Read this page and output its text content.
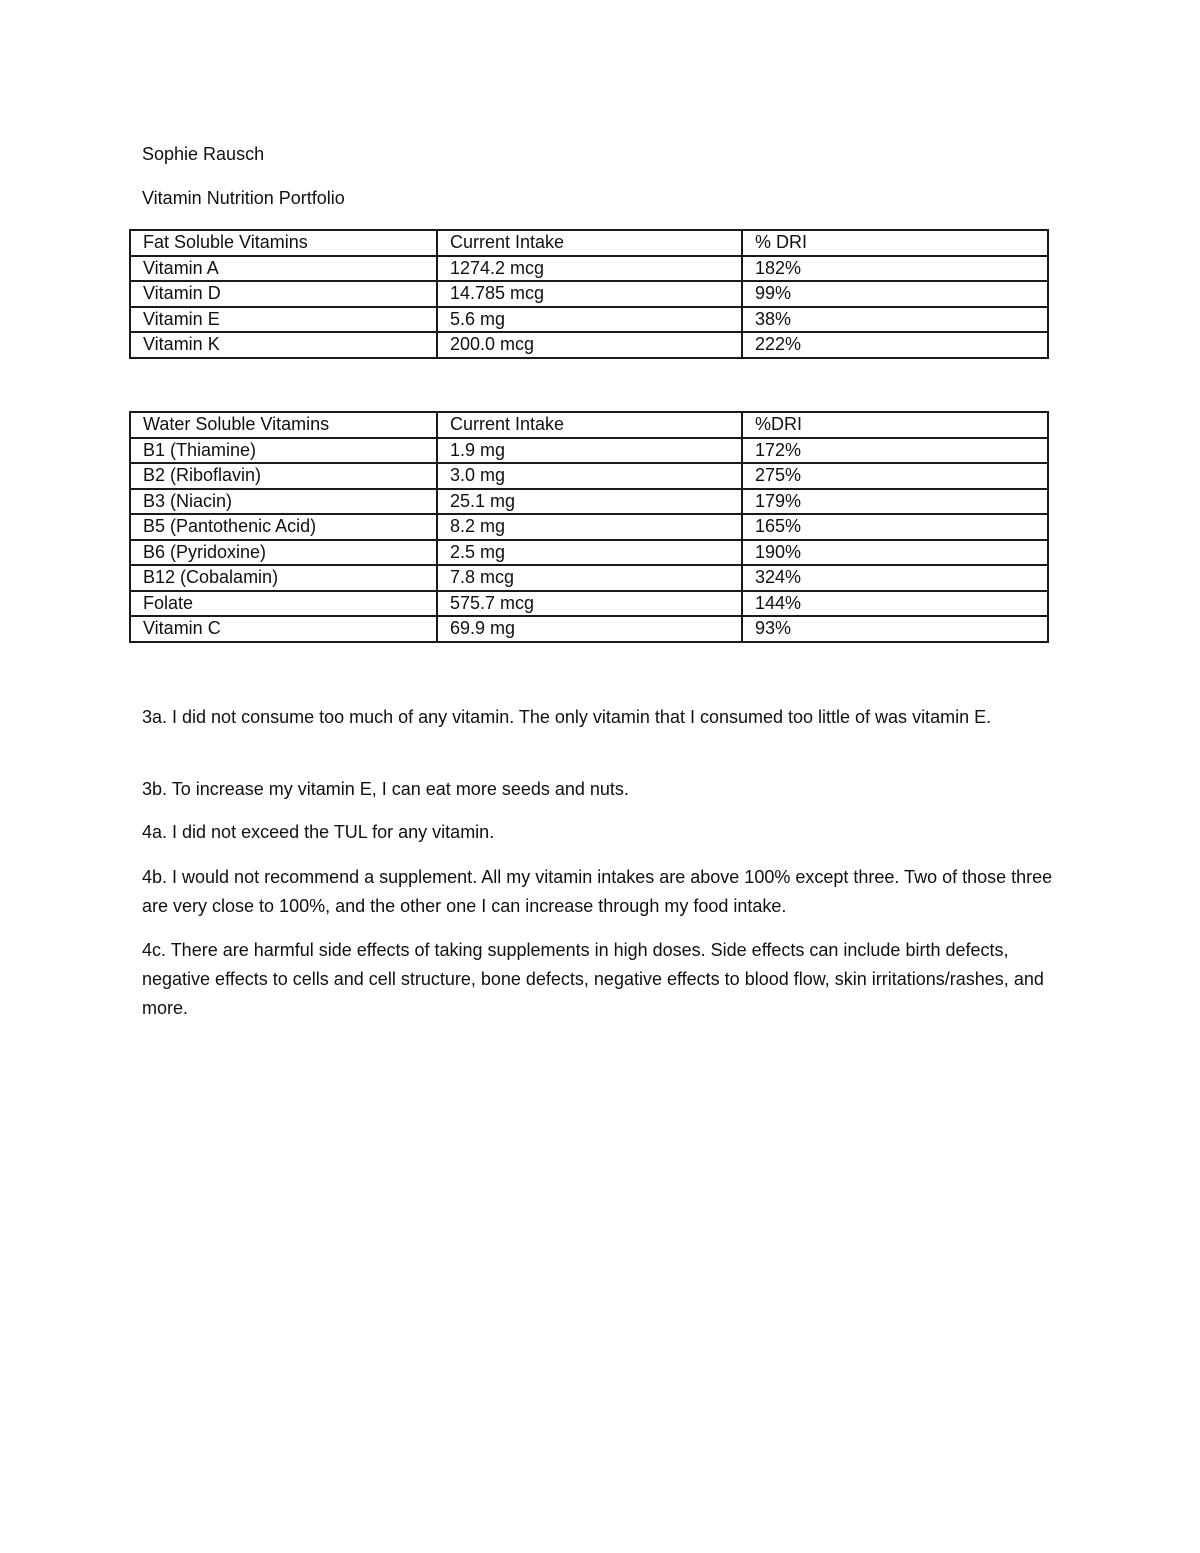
Sophie Rausch
Vitamin Nutrition Portfolio
Fat Soluble Vitamins	Current Intake	% DRI
Vitamin A	1274.2 mcg	182%
Vitamin D	14.785 mcg	99%
Vitamin E	5.6 mg	38%
Vitamin K	200.0 mcg	222%
Water Soluble Vitamins	Current Intake	%DRI
B1 (Thiamine)	1.9 mg	172%
B2 (Riboflavin)	3.0 mg	275%
B3 (Niacin)	25.1 mg	179%
B5 (Pantothenic Acid)	8.2 mg	165%
B6 (Pyridoxine)	2.5 mg	190%
B12 (Cobalamin)	7.8 mcg	324%
Folate	575.7 mcg	144%
Vitamin C	69.9 mg	93%

3a. I did not consume too much of any vitamin. The only vitamin that I consumed too little of was vitamin E.

3b. To increase my vitamin E, I can eat more seeds and nuts.

4a. I did not exceed the TUL for any vitamin.

4b. I would not recommend a supplement. All my vitamin intakes are above 100% except three. Two of those three are very close to 100%, and the other one I can increase through my food intake.

4c. There are harmful side effects of taking supplements in high doses. Side effects can include birth defects, negative effects to cells and cell structure, bone defects, negative effects to blood flow, skin irritations/rashes, and more.
